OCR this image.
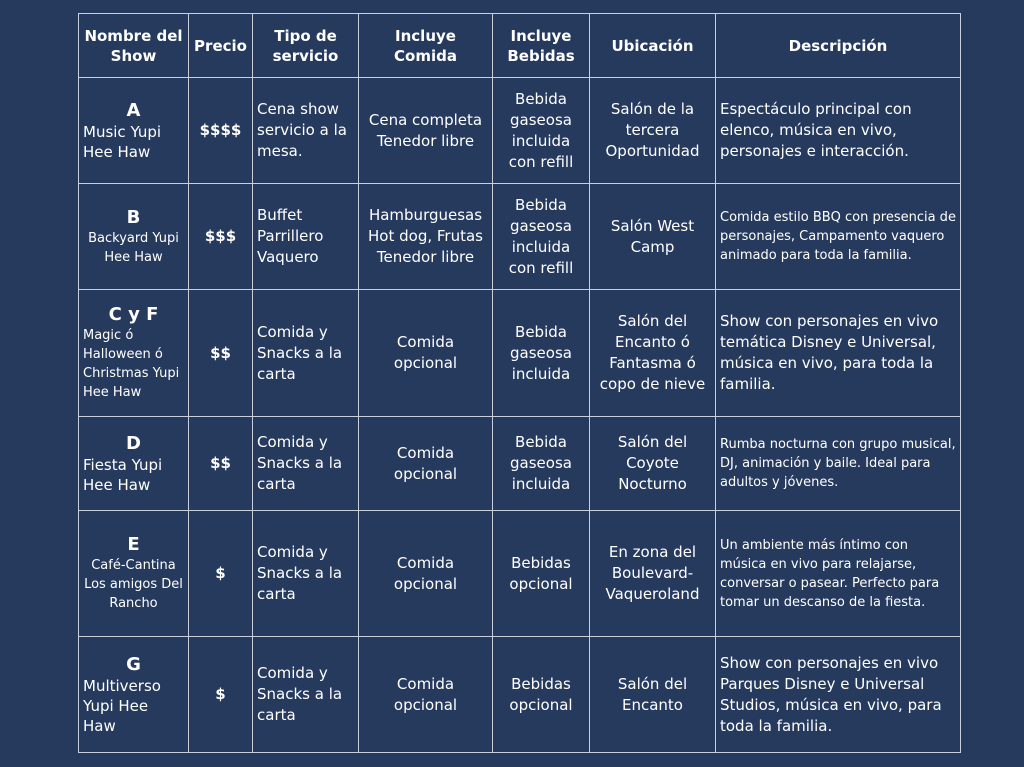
Nombre del Show	Precio	Tipo de servicio	Incluye Comida	Incluye Bebidas	Ubicación	Descripción

A
Music Yupi Hee Haw	$$$$	Cena show servicio a la mesa.	Cena completa Tenedor libre	Bebida gaseosa incluida con refill	Salón de la tercera Oportunidad	Espectáculo principal con elenco, música en vivo, personajes e interacción.

B
Backyard Yupi Hee Haw	$$$	Buffet Parrillero Vaquero	Hamburguesas Hot dog, Frutas Tenedor libre	Bebida gaseosa incluida con refill	Salón West Camp	Comida estilo BBQ con presencia de personajes, Campamento vaquero animado para toda la familia.

C y F
Magic ó Halloween ó Christmas Yupi Hee Haw	$$	Comida y Snacks a la carta	Comida opcional	Bebida gaseosa incluida	Salón del Encanto ó Fantasma ó copo de nieve	Show con personajes en vivo temática Disney e Universal, música en vivo, para toda la familia.

D
Fiesta Yupi Hee Haw	$$	Comida y Snacks a la carta	Comida opcional	Bebida gaseosa incluida	Salón del Coyote Nocturno	Rumba nocturna con grupo musical, DJ, animación y baile. Ideal para adultos y jóvenes.

E
Café-Cantina Los amigos Del Rancho	$	Comida y Snacks a la carta	Comida opcional	Bebidas opcional	En zona del Boulevard-Vaqueroland	Un ambiente más íntimo con música en vivo para relajarse, conversar o pasear. Perfecto para tomar un descanso de la fiesta.

G
Multiverso Yupi Hee Haw	$	Comida y Snacks a la carta	Comida opcional	Bebidas opcional	Salón del Encanto	Show con personajes en vivo Parques Disney e Universal Studios, música en vivo, para toda la familia.
